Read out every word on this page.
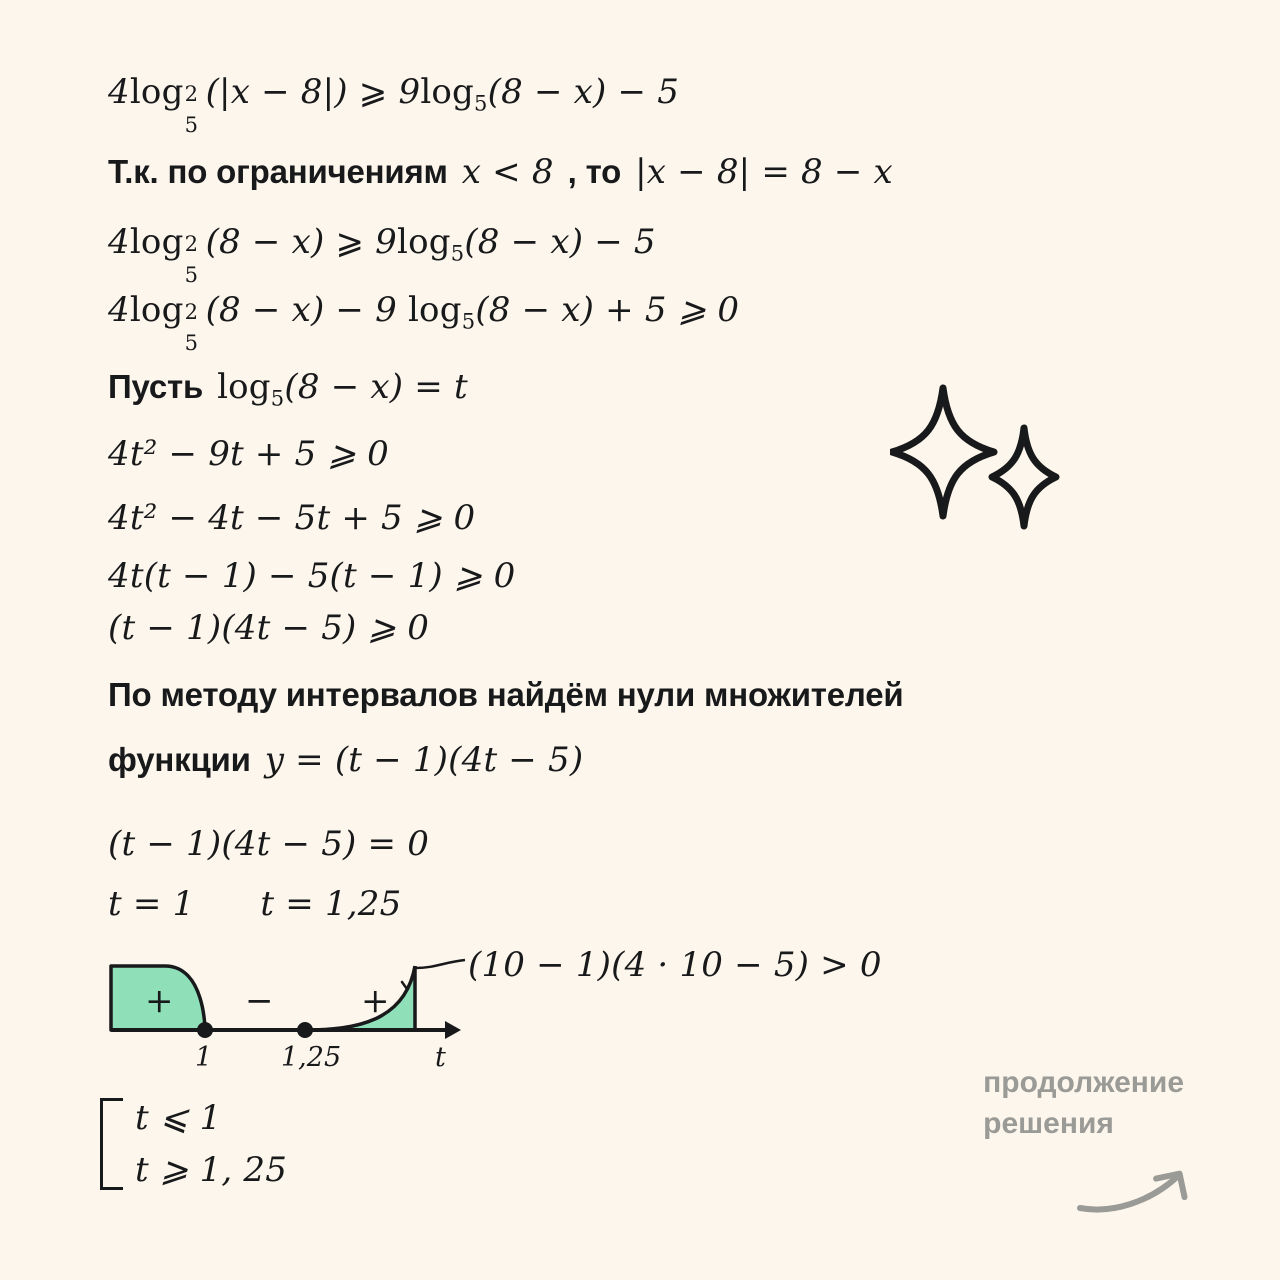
4log 2
5
(|x − 8|) ⩾ $9\log_5(8 - x) - 5$
Т.к. по ограничениям x < 8 , то |x − 8| = 8 − x
4log 2
5
(8 − x) ⩾ $9\log_5(8 - x) - 5$
4log 2
5
(8 − x) − 9 $\log_5(8 - x) + 5$ ⩾ 0
Пусть $\log_5(8 - x) = t$
4t² − 9t + 5 ⩾ 0
4t² − 4t − 5t + 5 ⩾ 0
4t(t − 1) − 5(t − 1) ⩾ 0
(t − 1)(4t − 5) ⩾ 0
По методу интервалов найдём нули множителей
функции y = (t − 1)(4t − 5)
(t − 1)(4t − 5) = 0
t = 1 t = 1,25
+ −	+
1	1,25	t
(10 − 1)(4 · 10 − 5) > 0
t ⩽ 1
t ⩾ 1, 25
продолжение
решения
